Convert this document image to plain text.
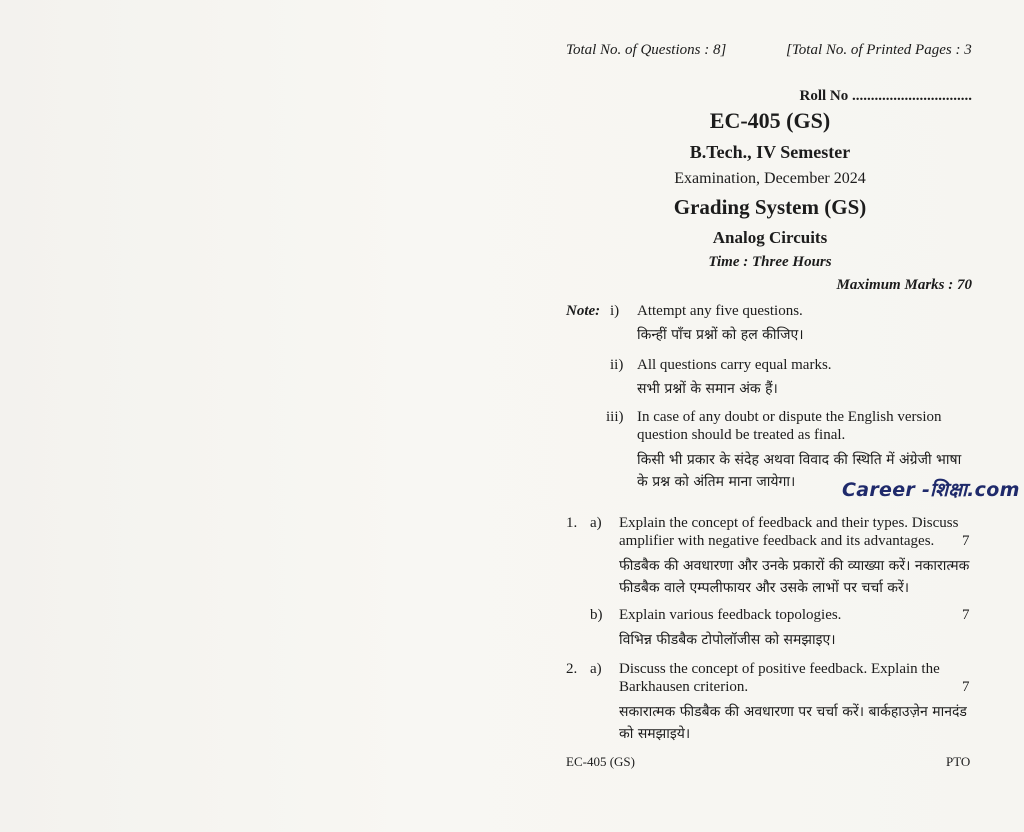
Total No. of Questions : 8]	[Total No. of Printed Pages : 3
Roll No ................................
EC-405 (GS)
B.Tech., IV Semester
Examination, December 2024
Grading System (GS)
Analog Circuits
Time : Three Hours
Maximum Marks : 70
Note: i) Attempt any five questions.
किन्हीं पाँच प्रश्नों को हल कीजिए।
ii) All questions carry equal marks.
सभी प्रश्नों के समान अंक हैं।
iii) In case of any doubt or dispute the English version
question should be treated as final.
किसी भी प्रकार के संदेह अथवा विवाद की स्थिति में अंग्रेजी भाषा
के प्रश्न को अंतिम माना जायेगा। Career -शिक्षा.com
1. a) Explain the concept of feedback and their types. Discuss
amplifier with negative feedback and its advantages. 7
फीडबैक की अवधारणा और उनके प्रकारों की व्याख्या करें। नकारात्मक
फीडबैक वाले एम्पलीफायर और उसके लाभों पर चर्चा करें।
b) Explain various feedback topologies.	7
विभिन्न फीडबैक टोपोलॉजीस को समझाइए।
2. a) Discuss the concept of positive feedback. Explain the
Barkhausen criterion.	7
सकारात्मक फीडबैक की अवधारणा पर चर्चा करें। बार्कहाउज़ेन मानदंड
को समझाइये।
EC-405 (GS)	PTO
